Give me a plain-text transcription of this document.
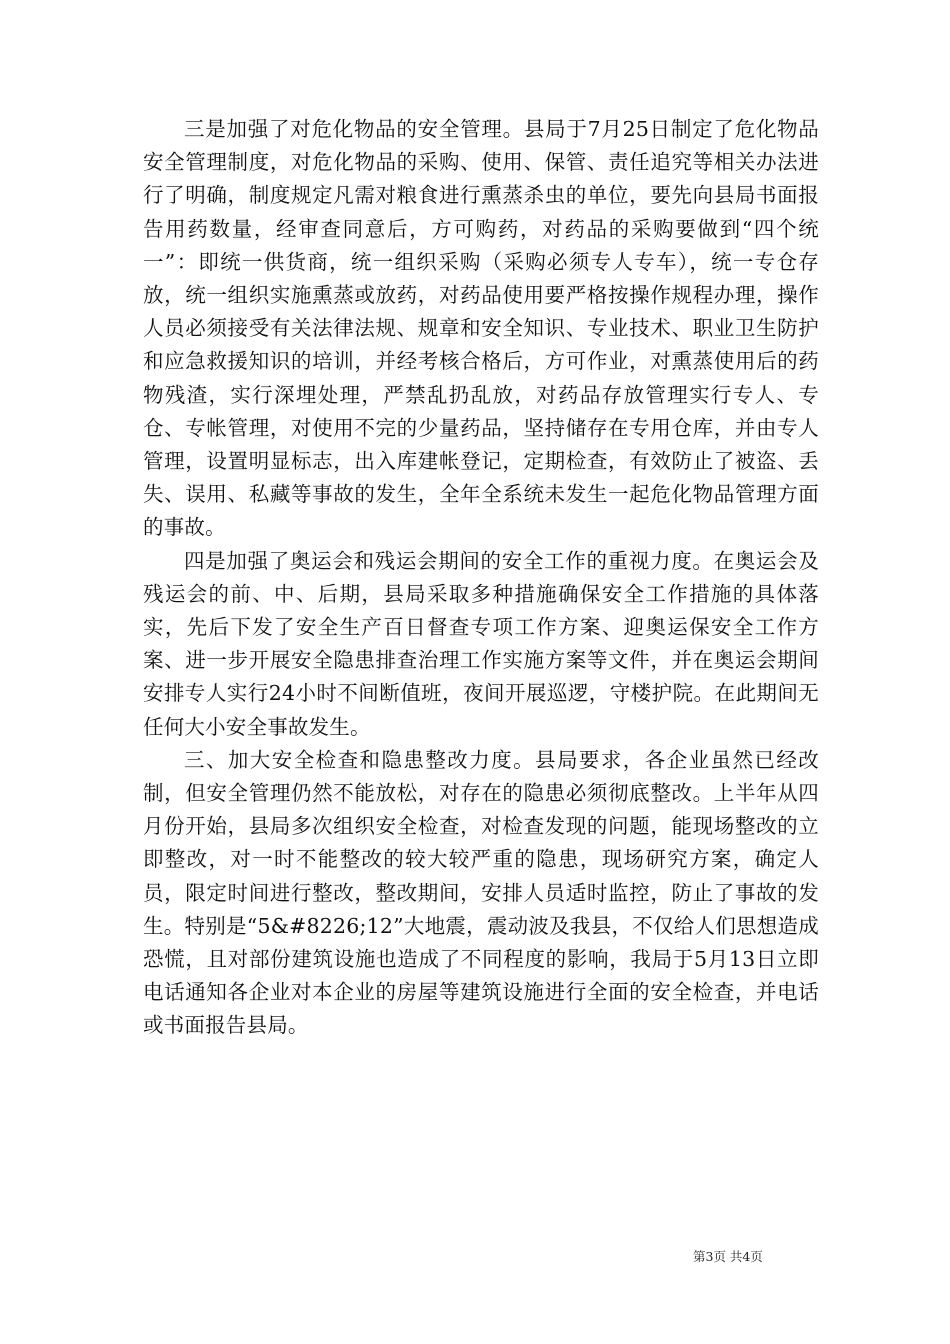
三是加强了对危化物品的安全管理。县局于7月25日制定了危化物品安全管理制度，对危化物品的采购、使用、保管、责任追究等相关办法进行了明确，制度规定凡需对粮食进行熏蒸杀虫的单位，要先向县局书面报告用药数量，经审查同意后，方可购药，对药品的采购要做到“四个统一”：即统一供货商，统一组织采购（采购必须专人专车），统一专仓存放，统一组织实施熏蒸或放药，对药品使用要严格按操作规程办理，操作人员必须接受有关法律法规、规章和安全知识、专业技术、职业卫生防护和应急救援知识的培训，并经考核合格后，方可作业，对熏蒸使用后的药物残渣，实行深埋处理，严禁乱扔乱放，对药品存放管理实行专人、专仓、专帐管理，对使用不完的少量药品，坚持储存在专用仓库，并由专人管理，设置明显标志，出入库建帐登记，定期检查，有效防止了被盗、丢失、误用、私藏等事故的发生，全年全系统未发生一起危化物品管理方面的事故。

四是加强了奥运会和残运会期间的安全工作的重视力度。在奥运会及残运会的前、中、后期，县局采取多种措施确保安全工作措施的具体落实，先后下发了安全生产百日督查专项工作方案、迎奥运保安全工作方案、进一步开展安全隐患排查治理工作实施方案等文件，并在奥运会期间安排专人实行24小时不间断值班，夜间开展巡逻，守楼护院。在此期间无任何大小安全事故发生。

三、加大安全检查和隐患整改力度。县局要求，各企业虽然已经改制，但安全管理仍然不能放松，对存在的隐患必须彻底整改。上半年从四月份开始，县局多次组织安全检查，对检查发现的问题，能现场整改的立即整改，对一时不能整改的较大较严重的隐患，现场研究方案，确定人员，限定时间进行整改，整改期间，安排人员适时监控，防止了事故的发生。特别是“5&#8226;12”大地震，震动波及我县，不仅给人们思想造成恐慌，且对部份建筑设施也造成了不同程度的影响，我局于5月13日立即电话通知各企业对本企业的房屋等建筑设施进行全面的安全检查，并电话或书面报告县局。

第3页 共4页
